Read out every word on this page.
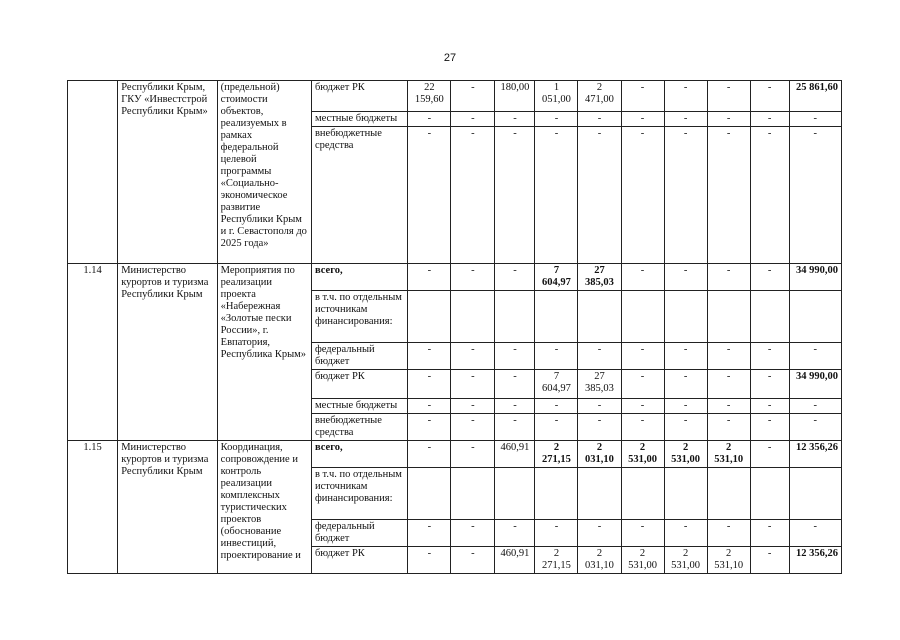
27
	Республики Крым, ГКУ «Инвестстрой Республики Крым»	(предельной) стоимости объектов, реализуемых в рамках федеральной целевой программы «Социально-экономическое развитие Республики Крым и г. Севастополя до 2025 года»	бюджет РК	22 159,60	-	180,00	1 051,00	2 471,00	-	-	-	-	25 861,60
			местные бюджеты	-	-	-	-	-	-	-	-	-	-
			внебюджетные средства	-	-	-	-	-	-	-	-	-	-
1.14	Министерство курортов и туризма Республики Крым	Мероприятия по реализации проекта «Набережная «Золотые пески России», г. Евпатория, Республика Крым»	всего,	-	-	-	7 604,97	27 385,03	-	-	-	-	34 990,00
			в т.ч. по отдельным источникам финансирования:										
			федеральный бюджет	-	-	-	-	-	-	-	-	-	-
			бюджет РК	-	-	-	7 604,97	27 385,03	-	-	-	-	34 990,00
			местные бюджеты	-	-	-	-	-	-	-	-	-	-
			внебюджетные средства	-	-	-	-	-	-	-	-	-	-
1.15	Министерство курортов и туризма Республики Крым	Координация, сопровождение и контроль реализации комплексных туристических проектов (обоснование инвестиций, проектирование и	всего,	-	-	460,91	2 271,15	2 031,10	2 531,00	2 531,00	2 531,10	-	12 356,26
			в т.ч. по отдельным источникам финансирования:										
			федеральный бюджет	-	-	-	-	-	-	-	-	-	-
			бюджет РК	-	-	460,91	2 271,15	2 031,10	2 531,00	2 531,00	2 531,10	-	12 356,26
